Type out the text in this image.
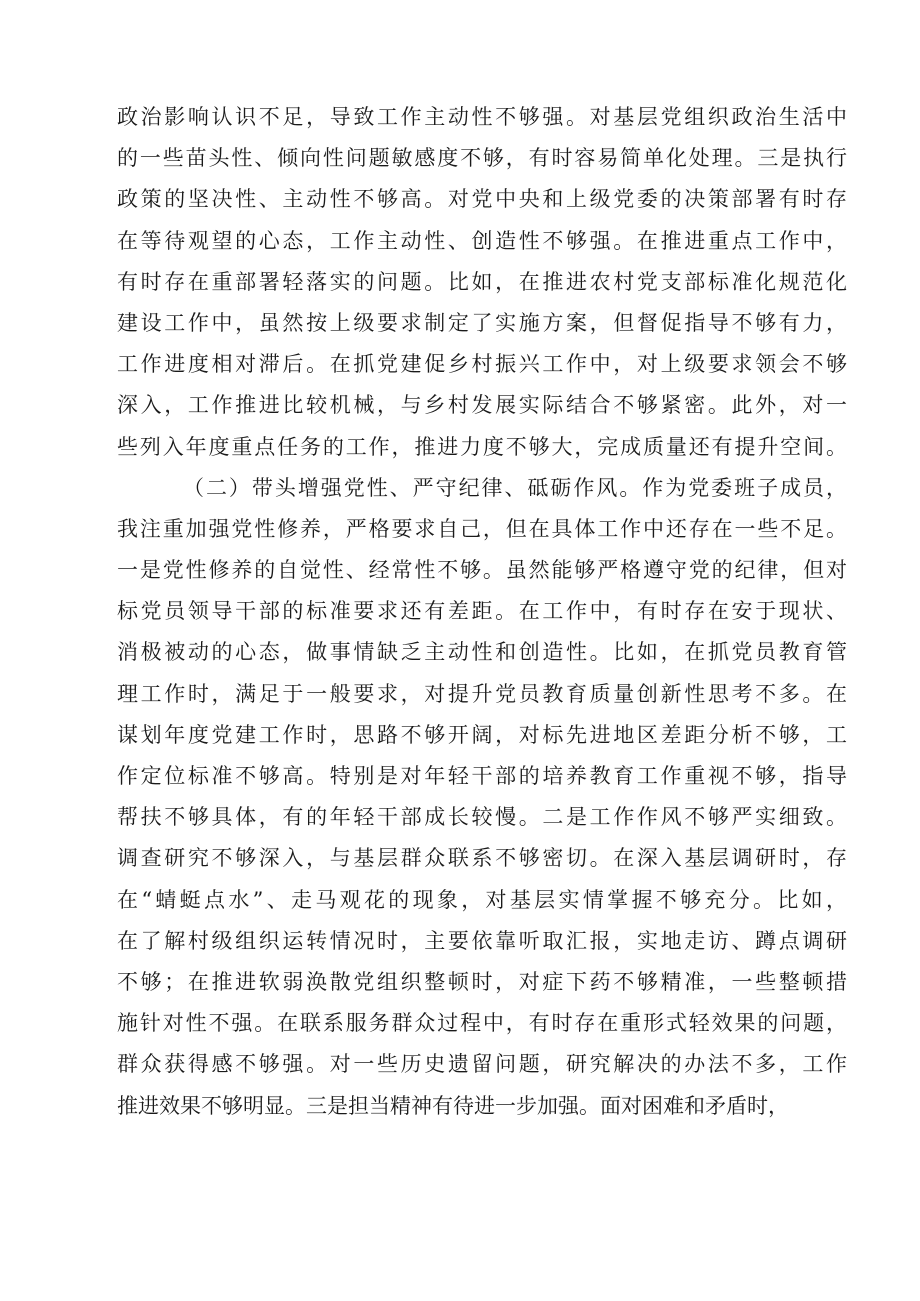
政治影响认识不足，导致工作主动性不够强。对基层党组织政治生活中
的一些苗头性、倾向性问题敏感度不够，有时容易简单化处理。三是执行
政策的坚决性、主动性不够高。对党中央和上级党委的决策部署有时存
在等待观望的心态，工作主动性、创造性不够强。在推进重点工作中，
有时存在重部署轻落实的问题。比如，在推进农村党支部标准化规范化
建设工作中，虽然按上级要求制定了实施方案，但督促指导不够有力，
工作进度相对滞后。在抓党建促乡村振兴工作中，对上级要求领会不够
深入，工作推进比较机械，与乡村发展实际结合不够紧密。此外，对一
些列入年度重点任务的工作，推进力度不够大，完成质量还有提升空间。
（二）带头增强党性、严守纪律、砥砺作风。作为党委班子成员，
我注重加强党性修养，严格要求自己，但在具体工作中还存在一些不足。
一是党性修养的自觉性、经常性不够。虽然能够严格遵守党的纪律，但对
标党员领导干部的标准要求还有差距。在工作中，有时存在安于现状、
消极被动的心态，做事情缺乏主动性和创造性。比如，在抓党员教育管
理工作时，满足于一般要求，对提升党员教育质量创新性思考不多。在
谋划年度党建工作时，思路不够开阔，对标先进地区差距分析不够，工
作定位标准不够高。特别是对年轻干部的培养教育工作重视不够，指导
帮扶不够具体，有的年轻干部成长较慢。二是工作作风不够严实细致。
调查研究不够深入，与基层群众联系不够密切。在深入基层调研时，存
在“蜻蜓点水”、走马观花的现象，对基层实情掌握不够充分。比如，
在了解村级组织运转情况时，主要依靠听取汇报，实地走访、蹲点调研
不够；在推进软弱涣散党组织整顿时，对症下药不够精准，一些整顿措
施针对性不强。在联系服务群众过程中，有时存在重形式轻效果的问题，
群众获得感不够强。对一些历史遗留问题，研究解决的办法不多，工作
推进效果不够明显。三是担当精神有待进一步加强。面对困难和矛盾时，
